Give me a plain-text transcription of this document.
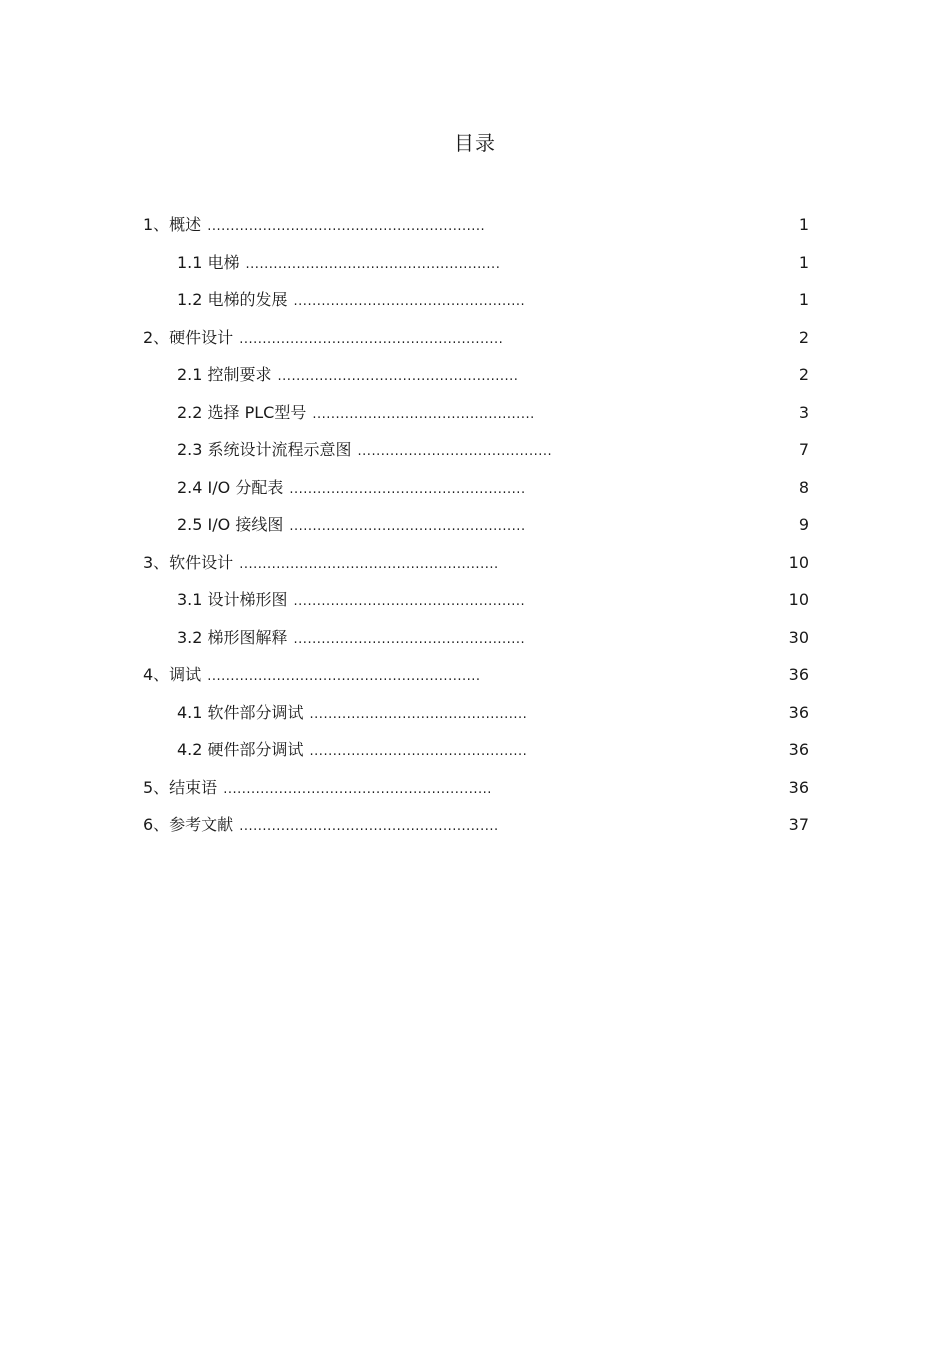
目录
1、概述 ............................................................	1
1.1 电梯 .......................................................	1
1.2 电梯的发展 ..................................................	1
2、硬件设计 .........................................................	2
2.1 控制要求 ....................................................	2
2.2 选择 PLC型号 ................................................	3
2.3 系统设计流程示意图 ..........................................	7
2.4 I/O 分配表 ...................................................	8
2.5 I/O 接线图 ...................................................	9
3、软件设计 ........................................................	10
3.1 设计梯形图 ..................................................	10
3.2 梯形图解释 ..................................................	30
4、调试 ...........................................................	36
4.1 软件部分调试 ...............................................	36
4.2 硬件部分调试 ...............................................	36
5、结束语 ..........................................................	36
6、参考文献 ........................................................	37
